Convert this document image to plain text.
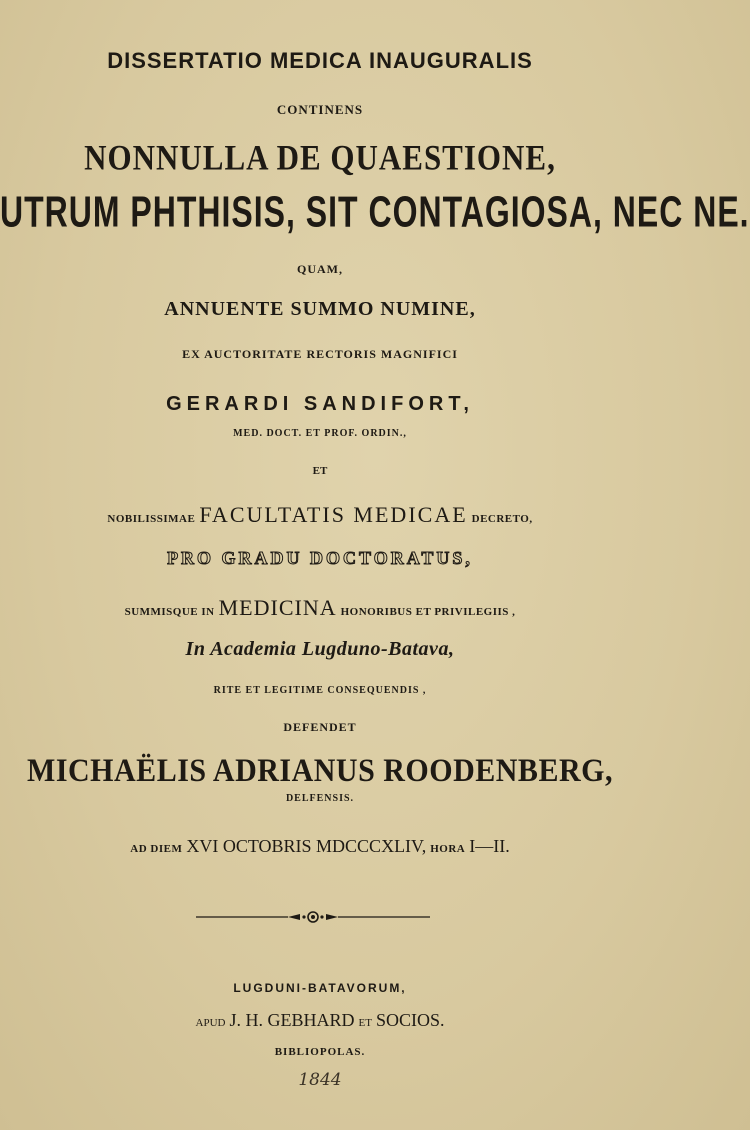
DISSERTATIO MEDICA INAUGURALIS
CONTINENS
NONNULLA DE QUAESTIONE,
UTRUM PHTHISIS, SIT CONTAGIOSA, NEC NE.
QUAM,
ANNUENTE SUMMO NUMINE,
EX AUCTORITATE RECTORIS MAGNIFICI
GERARDI SANDIFORT,
MED. DOCT. ET PROF. ORDIN.,
ET
NOBILISSIMAE FACULTATIS MEDICAE DECRETO,
PRO GRADU DOCTORATUS,
SUMMISQUE IN MEDICINA HONORIBUS ET PRIVILEGIIS ,
In Academia Lugduno-Batava,
RITE ET LEGITIME CONSEQUENDIS ,
DEFENDET
MICHAËLIS ADRIANUS ROODENBERG,
DELFENSIS.
AD DIEM XVI OCTOBRIS MDCCCXLIV, HORA I—II.
LUGDUNI-BATAVORUM,
APUD J. H. GEBHARD ET SOCIOS.
BIBLIOPOLAS.
1844
